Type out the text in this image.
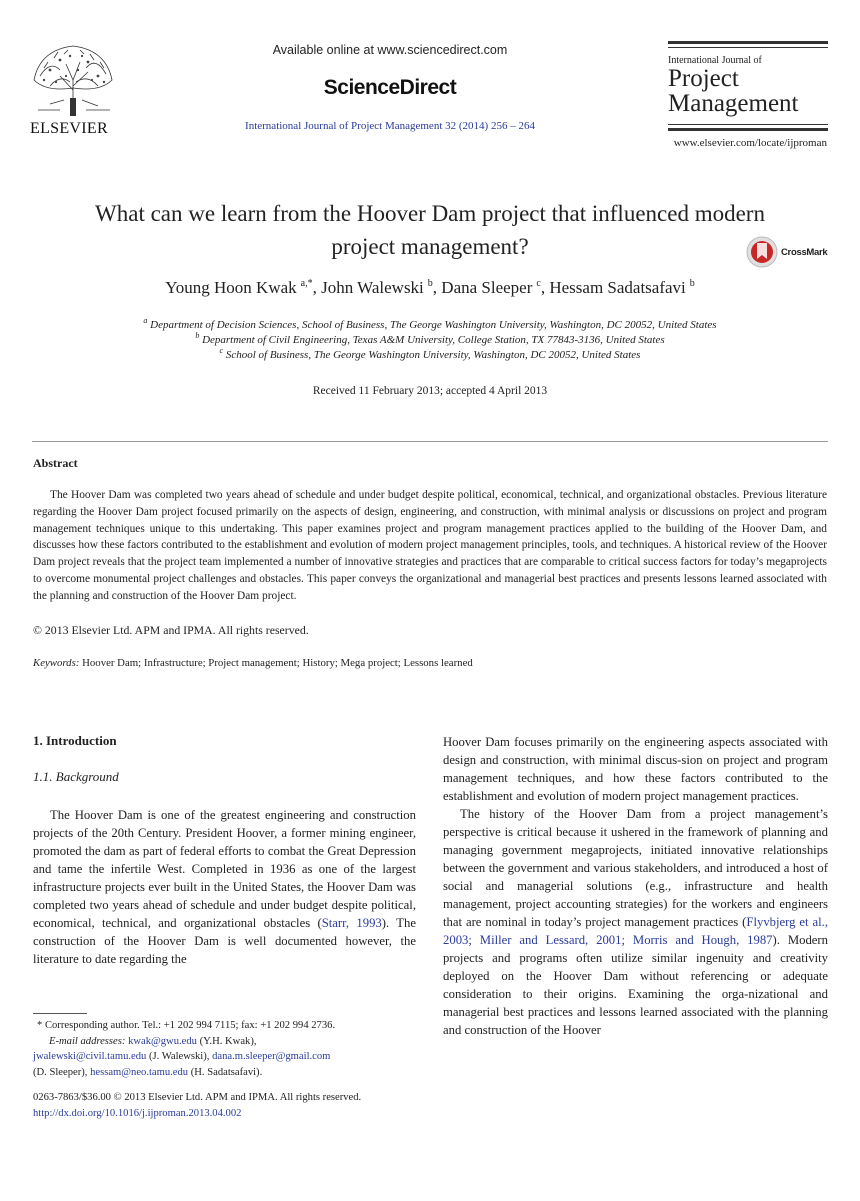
ELSEVIER
Available online at www.sciencedirect.com
ScienceDirect
International Journal of Project Management 32 (2014) 256 – 264
International Journal of
Project
Management
www.elsevier.com/locate/ijproman
What can we learn from the Hoover Dam project that influenced modern
project management?	CrossMark
Young Hoon Kwak $^{a,*}$, John Walewski $^b$, Dana Sleeper $^c$, Hessam Sadatsafavi $^b$
$^a$ Department of Decision Sciences, School of Business, The George Washington University, Washington, DC 20052, United States
$^b$ Department of Civil Engineering, Texas A&M University, College Station, TX 77843-3136, United States
$^c$ School of Business, The George Washington University, Washington, DC 20052, United States
Received 11 February 2013; accepted 4 April 2013
Abstract

The Hoover Dam was completed two years ahead of schedule and under budget despite political, economical, technical, and organizational obstacles. Previous literature regarding the Hoover Dam project focused primarily on the aspects of design, engineering, and construction, with minimal analysis or discussions on project and program management techniques unique to this undertaking. This paper examines project and program management practices applied to the building of the Hoover Dam, and discusses how these factors contributed to the establishment and evolution of modern project management principles, tools, and techniques. A historical review of the Hoover Dam project reveals that the project team implemented a number of innovative strategies and practices that are comparable to critical success factors for today’s megaprojects to overcome monumental project challenges and obstacles. This paper conveys the organizational and managerial best practices and presents lessons learned associated with the planning and construction of the Hoover Dam project.

© 2013 Elsevier Ltd. APM and IPMA. All rights reserved.
Keywords: Hoover Dam; Infrastructure; Project management; History; Mega project; Lessons learned
1. Introduction
1.1. Background

The Hoover Dam is one of the greatest engineering and construction projects of the 20th Century. President Hoover, a former mining engineer, promoted the dam as part of federal efforts to combat the Great Depression and tame the infertile West. Completed in 1936 as one of the largest infrastructure projects ever built in the United States, the Hoover Dam was completed two years ahead of schedule and under budget despite political, economical, technical, and organizational obstacles (Starr, 1993). The construction of the Hoover Dam is well documented however, the literature to date regarding the

Hoover Dam focuses primarily on the engineering aspects associated with design and construction, with minimal discus-sion on project and program management techniques, and how these factors contributed to the establishment and evolution of modern project management practices.

The history of the Hoover Dam from a project management’s perspective is critical because it ushered in the framework of planning and managing government megaprojects, initiated innovative relationships between the government and various stakeholders, and introduced a host of social and managerial solutions (e.g., infrastructure and health management, project accounting strategies) for the workers and engineers that are nominal in today’s project management practices (Flyvbjerg et al., 2003; Miller and Lessard, 2001; Morris and Hough, 1987). Modern projects and programs often utilize similar ingenuity and creativity deployed on the Hoover Dam without referencing or adequate consideration to their origins. Examining the orga-nizational and managerial best practices and lessons learned associated with the planning and construction of the Hoover

* Corresponding author. Tel.: +1 202 994 7115; fax: +1 202 994 2736.
E-mail addresses: kwak@gwu.edu (Y.H. Kwak),
jwalewski@civil.tamu.edu (J. Walewski), dana.m.sleeper@gmail.com
(D. Sleeper), hessam@neo.tamu.edu (H. Sadatsafavi).
0263-7863/$36.00 © 2013 Elsevier Ltd. APM and IPMA. All rights reserved.
http://dx.doi.org/10.1016/j.ijproman.2013.04.002
